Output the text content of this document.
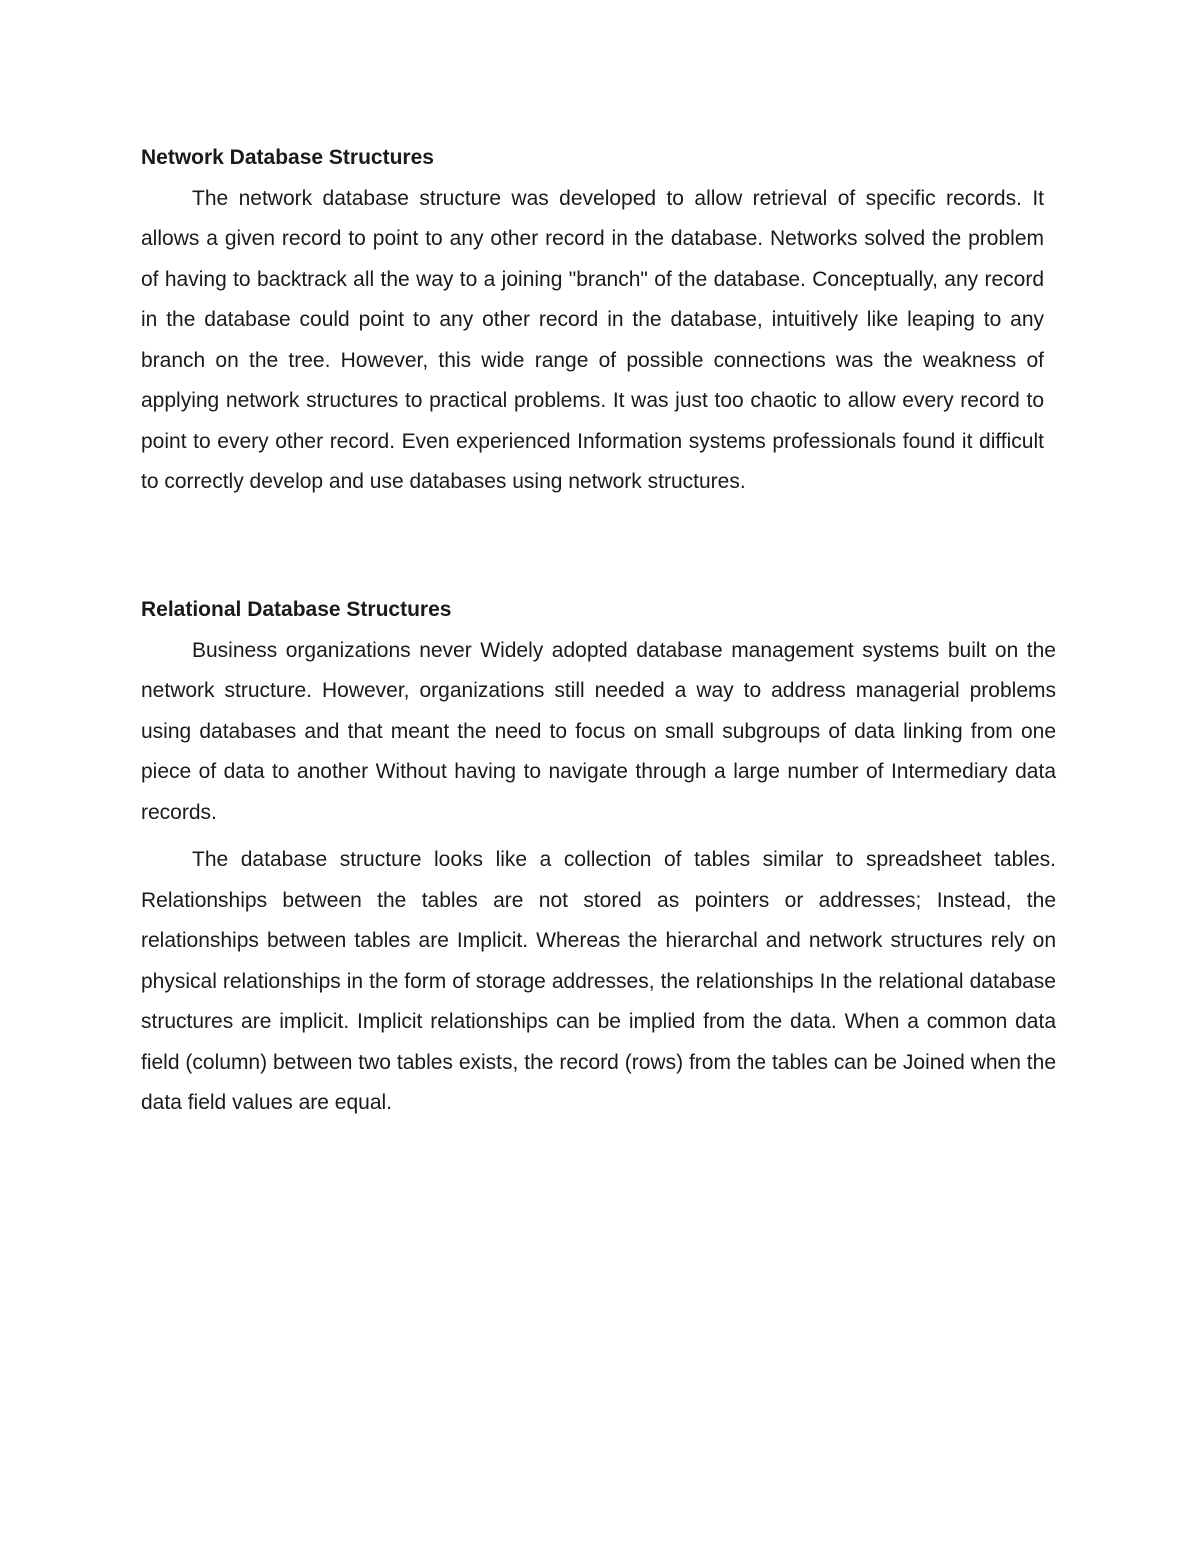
Network Database Structures

The network database structure was developed to allow retrieval of specific records. It allows a given record to point to any other record in the database. Networks solved the problem of having to backtrack all the way to a joining "branch" of the database. Conceptually, any record in the database could point to any other record in the database, intuitively like leaping to any branch on the tree. However, this wide range of possible connections was the weakness of applying network structures to practical problems. It was just too chaotic to allow every record to point to every other record. Even experienced Information systems professionals found it difficult to correctly develop and use databases using network structures.

Relational Database Structures

Business organizations never Widely adopted database management systems built on the network structure. However, organizations still needed a way to address managerial problems using databases and that meant the need to focus on small subgroups of data linking from one piece of data to another Without having to navigate through a large number of Intermediary data records.

The database structure looks like a collection of tables similar to spreadsheet tables. Relationships between the tables are not stored as pointers or addresses; Instead, the relationships between tables are Implicit. Whereas the hierarchal and network structures rely on physical relationships in the form of storage addresses, the relationships In the relational database structures are implicit. Implicit relationships can be implied from the data. When a common data field (column) between two tables exists, the record (rows) from the tables can be Joined when the data field values are equal.
